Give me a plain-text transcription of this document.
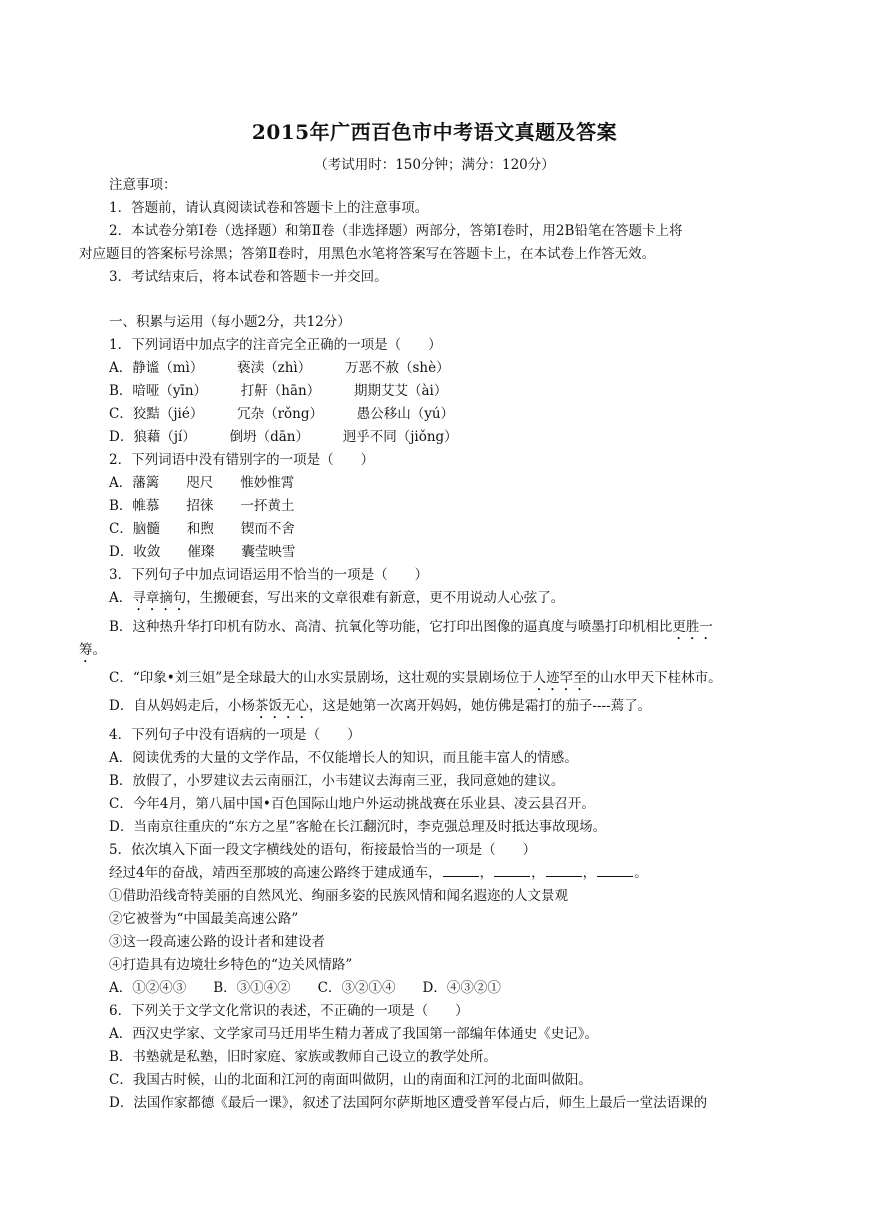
2015年广西百色市中考语文真题及答案
（考试用时：150分钟；满分：120分）
注意事项：
1．答题前，请认真阅读试卷和答题卡上的注意事项。
2．本试卷分第Ⅰ卷（选择题）和第Ⅱ卷（非选择题）两部分，答第Ⅰ卷时，用2B铅笔在答题卡上将
对应题目的答案标号涂黑；答第Ⅱ卷时，用黑色水笔将答案写在答题卡上，在本试卷上作答无效。
3．考试结束后，将本试卷和答题卡一并交回。
一、积累与运用（每小题2分，共12分）
1．下列词语中加点字的注音完全正确的一项是（　　）
A．静谧（mì）　　　亵渎（zhì）　　　万恶不赦（shè）
B．喑哑（yīn）　　　打鼾（hān）　　　期期艾艾（ài）
C．狡黠（jié）　　　冗杂（rǒng）　　　愚公移山（yú）
D．狼藉（jí）　　　倒坍（dān）　　　迥乎不同（jiǒng）
2．下列词语中没有错别字的一项是（　　）
A．藩篱　　咫尺　　惟妙惟霄
B．帷慕　　招徕　　一抔黄土
C．脑髓　　和煦　　锲而不舍
D．收敛　　催璨　　囊莹映雪
3．下列句子中加点词语运用不恰当的一项是（　　）
A．寻章摘句，生搬硬套，写出来的文章很难有新意，更不用说动人心弦了。
B．这种热升华打印机有防水、高清、抗氧化等功能，它打印出图像的逼真度与喷墨打印机相比更胜一
筹。
C．“印象•刘三姐”是全球最大的山水实景剧场，这壮观的实景剧场位于人迹罕至的山水甲天下桂林市。
D．自从妈妈走后，小杨茶饭无心，这是她第一次离开妈妈，她仿佛是霜打的茄子----蔫了。
4．下列句子中没有语病的一项是（　　）
A．阅读优秀的大量的文学作品，不仅能增长人的知识，而且能丰富人的情感。
B．放假了，小罗建议去云南丽江，小韦建议去海南三亚，我同意她的建议。
C．今年4月，第八届中国•百色国际山地户外运动挑战赛在乐业县、凌云县召开。
D．当南京往重庆的“东方之星”客舱在长江翻沉时，李克强总理及时抵达事故现场。
5．依次填入下面一段文字横线处的语句，衔接最恰当的一项是（　　）
经过4年的奋战，靖西至那坡的高速公路终于建成通车，	，	，	，	。
①借助沿线奇特美丽的自然风光、绚丽多姿的民族风情和闻名遐迩的人文景观
②它被誉为“中国最美高速公路”
③这一段高速公路的设计者和建设者
④打造具有边境壮乡特色的“边关风情路”
A．①②④③　　B．③①④②　　C．③②①④　　D．④③②①
6．下列关于文学文化常识的表述，不正确的一项是（　　）
A．西汉史学家、文学家司马迁用毕生精力著成了我国第一部编年体通史《史记》。
B．书塾就是私塾，旧时家庭、家族或教师自己设立的教学处所。
C．我国古时候，山的北面和江河的南面叫做阴，山的南面和江河的北面叫做阳。
D．法国作家都德《最后一课》，叙述了法国阿尔萨斯地区遭受普军侵占后，师生上最后一堂法语课的
